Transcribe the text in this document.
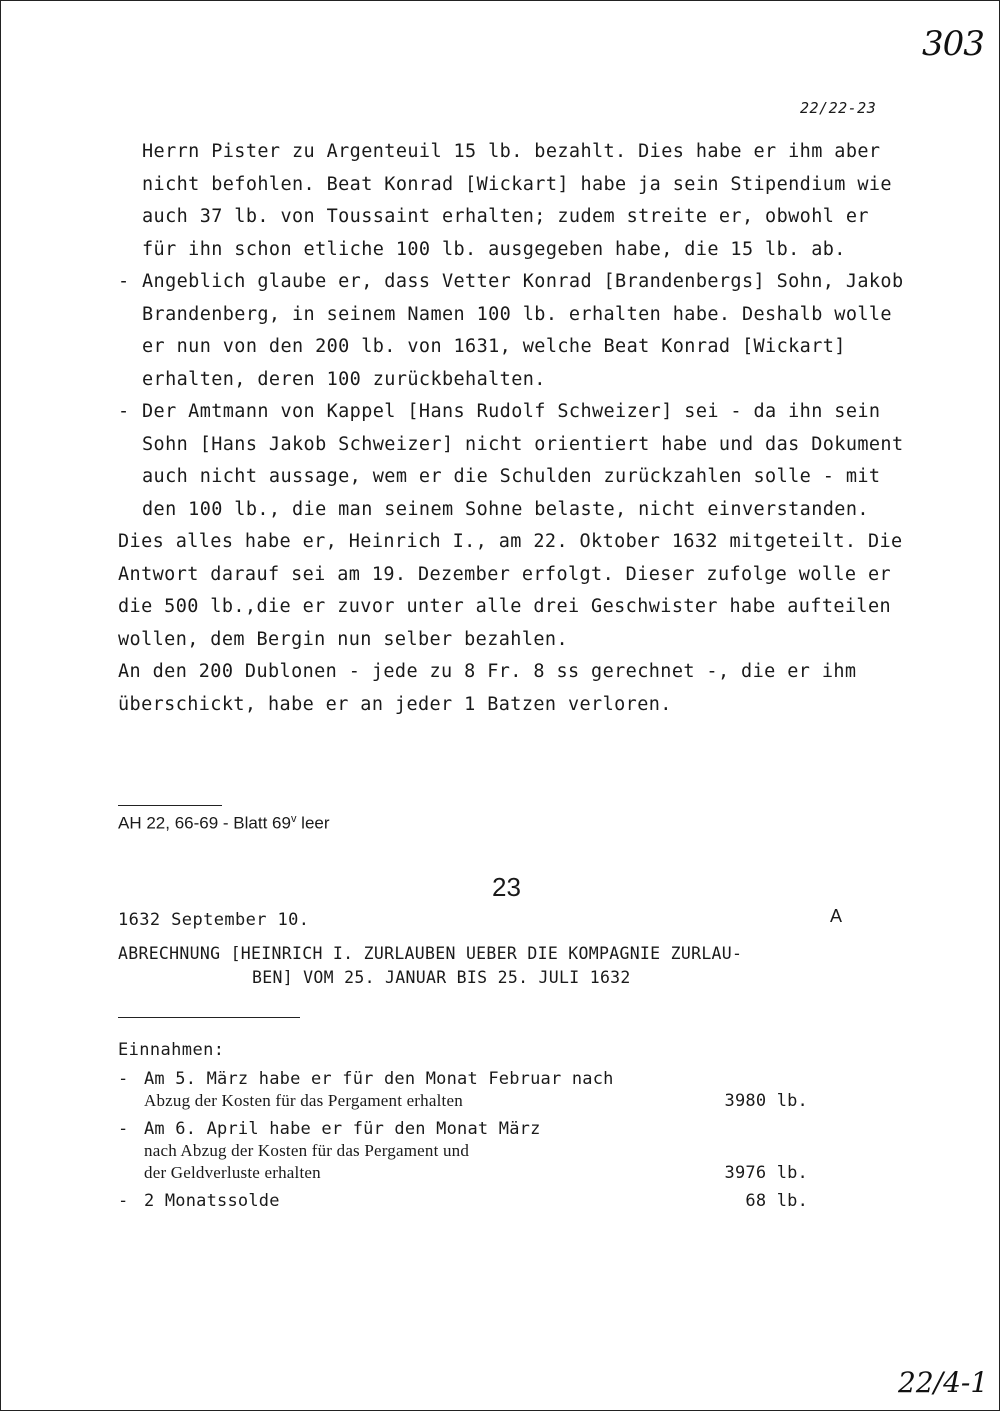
303
22/22-23

Herrn Pister zu Argenteuil 15 lb. bezahlt. Dies habe er ihm aber nicht befohlen. Beat Konrad [Wickart] habe ja sein Stipendium wie auch 37 lb. von Toussaint erhalten; zudem streite er, obwohl er für ihn schon etliche 100 lb. ausgegeben habe, die 15 lb. ab.

- Angeblich glaube er, dass Vetter Konrad [Brandenbergs] Sohn, Jakob Brandenberg, in seinem Namen 100 lb. erhalten habe. Deshalb wolle er nun von den 200 lb. von 1631, welche Beat Konrad [Wickart] erhalten, deren 100 zurückbehalten.
- Der Amtmann von Kappel [Hans Rudolf Schweizer] sei - da ihn sein Sohn [Hans Jakob Schweizer] nicht orientiert habe und das Dokument auch nicht aussage, wem er die Schulden zurückzahlen solle - mit den 100 lb., die man seinem Sohne belaste, nicht einverstanden.

Dies alles habe er, Heinrich I., am 22. Oktober 1632 mitgeteilt. Die Antwort darauf sei am 19. Dezember erfolgt. Dieser zufolge wolle er die 500 lb.,die er zuvor unter alle drei Geschwister habe aufteilen wollen, dem Bergin nun selber bezahlen.

An den 200 Dublonen - jede zu 8 Fr. 8 ss gerechnet -, die er ihm überschickt, habe er an jeder 1 Batzen verloren.

AH 22, 66-69 - Blatt 69$^v$ leer
23
1632 September 10.	A
ABRECHNUNG [HEINRICH I. ZURLAUBEN UEBER DIE KOMPAGNIE ZURLAU-
BEN] VOM 25. JANUAR BIS 25. JULI 1632
Einnahmen:
- Am 5. März habe er für den Monat Februar nach
Abzug der Kosten für das Pergament erhalten	3980 lb.
- Am 6. April habe er für den Monat März
nach Abzug der Kosten für das Pergament und
der Geldverluste erhalten	3976 lb.
- 2 Monatssolde	68 lb.
22/4-1
